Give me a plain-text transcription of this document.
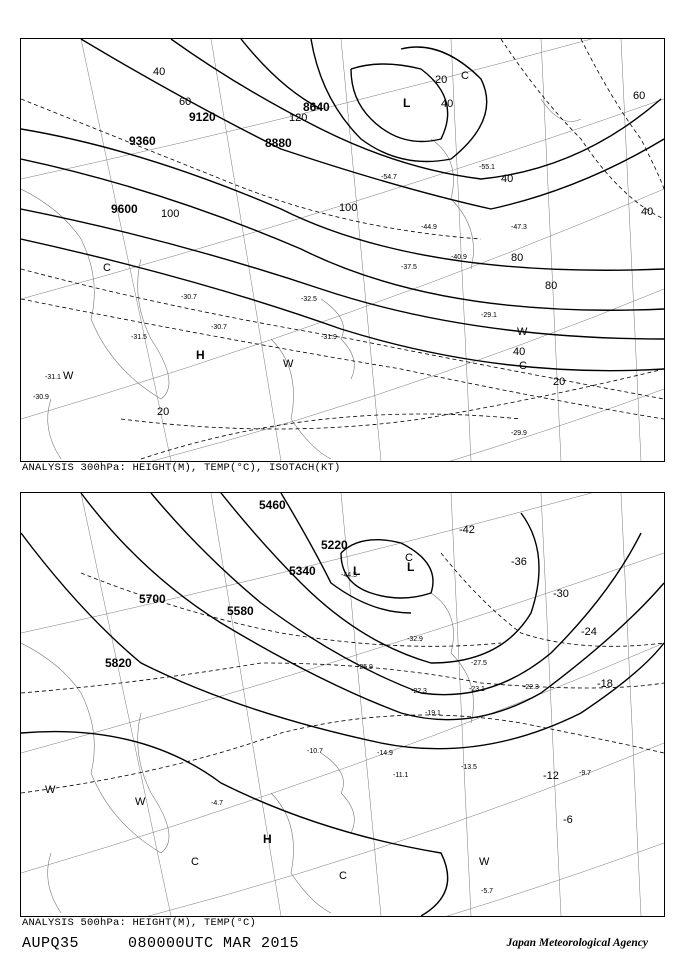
-31.1
-31.5
-30.7
-30.7
-30.9
-31.9
-32.5
-29.1
-29.9
-37.5
-40.9
-44.9
-54.7
-55.1
-47.3
9120
9360
9600
8880
8640
120
100	100
80
80
60	60
40
40
40
40
40
20
20
20
L
H
C
C
C
W
W
W
ANALYSIS 300hPa: HEIGHT(M), TEMP(°C), ISOTACH(KT)
-44.5
-32.9
-27.5
-22.3
-23.1
-13.5
-14.9
-11.1	-9.7
-5.7
-4.7
-10.7
-19.1
-25.9
-22.3
5700
5820
5580
5460
5340
5220
-42
-36
-30
-24
-18
-12
-6
L	L
H
C
C
C
W
W
W
ANALYSIS 500hPa: HEIGHT(M), TEMP(°C)
AUPQ35	080000UTC MAR 2015	Japan Meteorological Agency
